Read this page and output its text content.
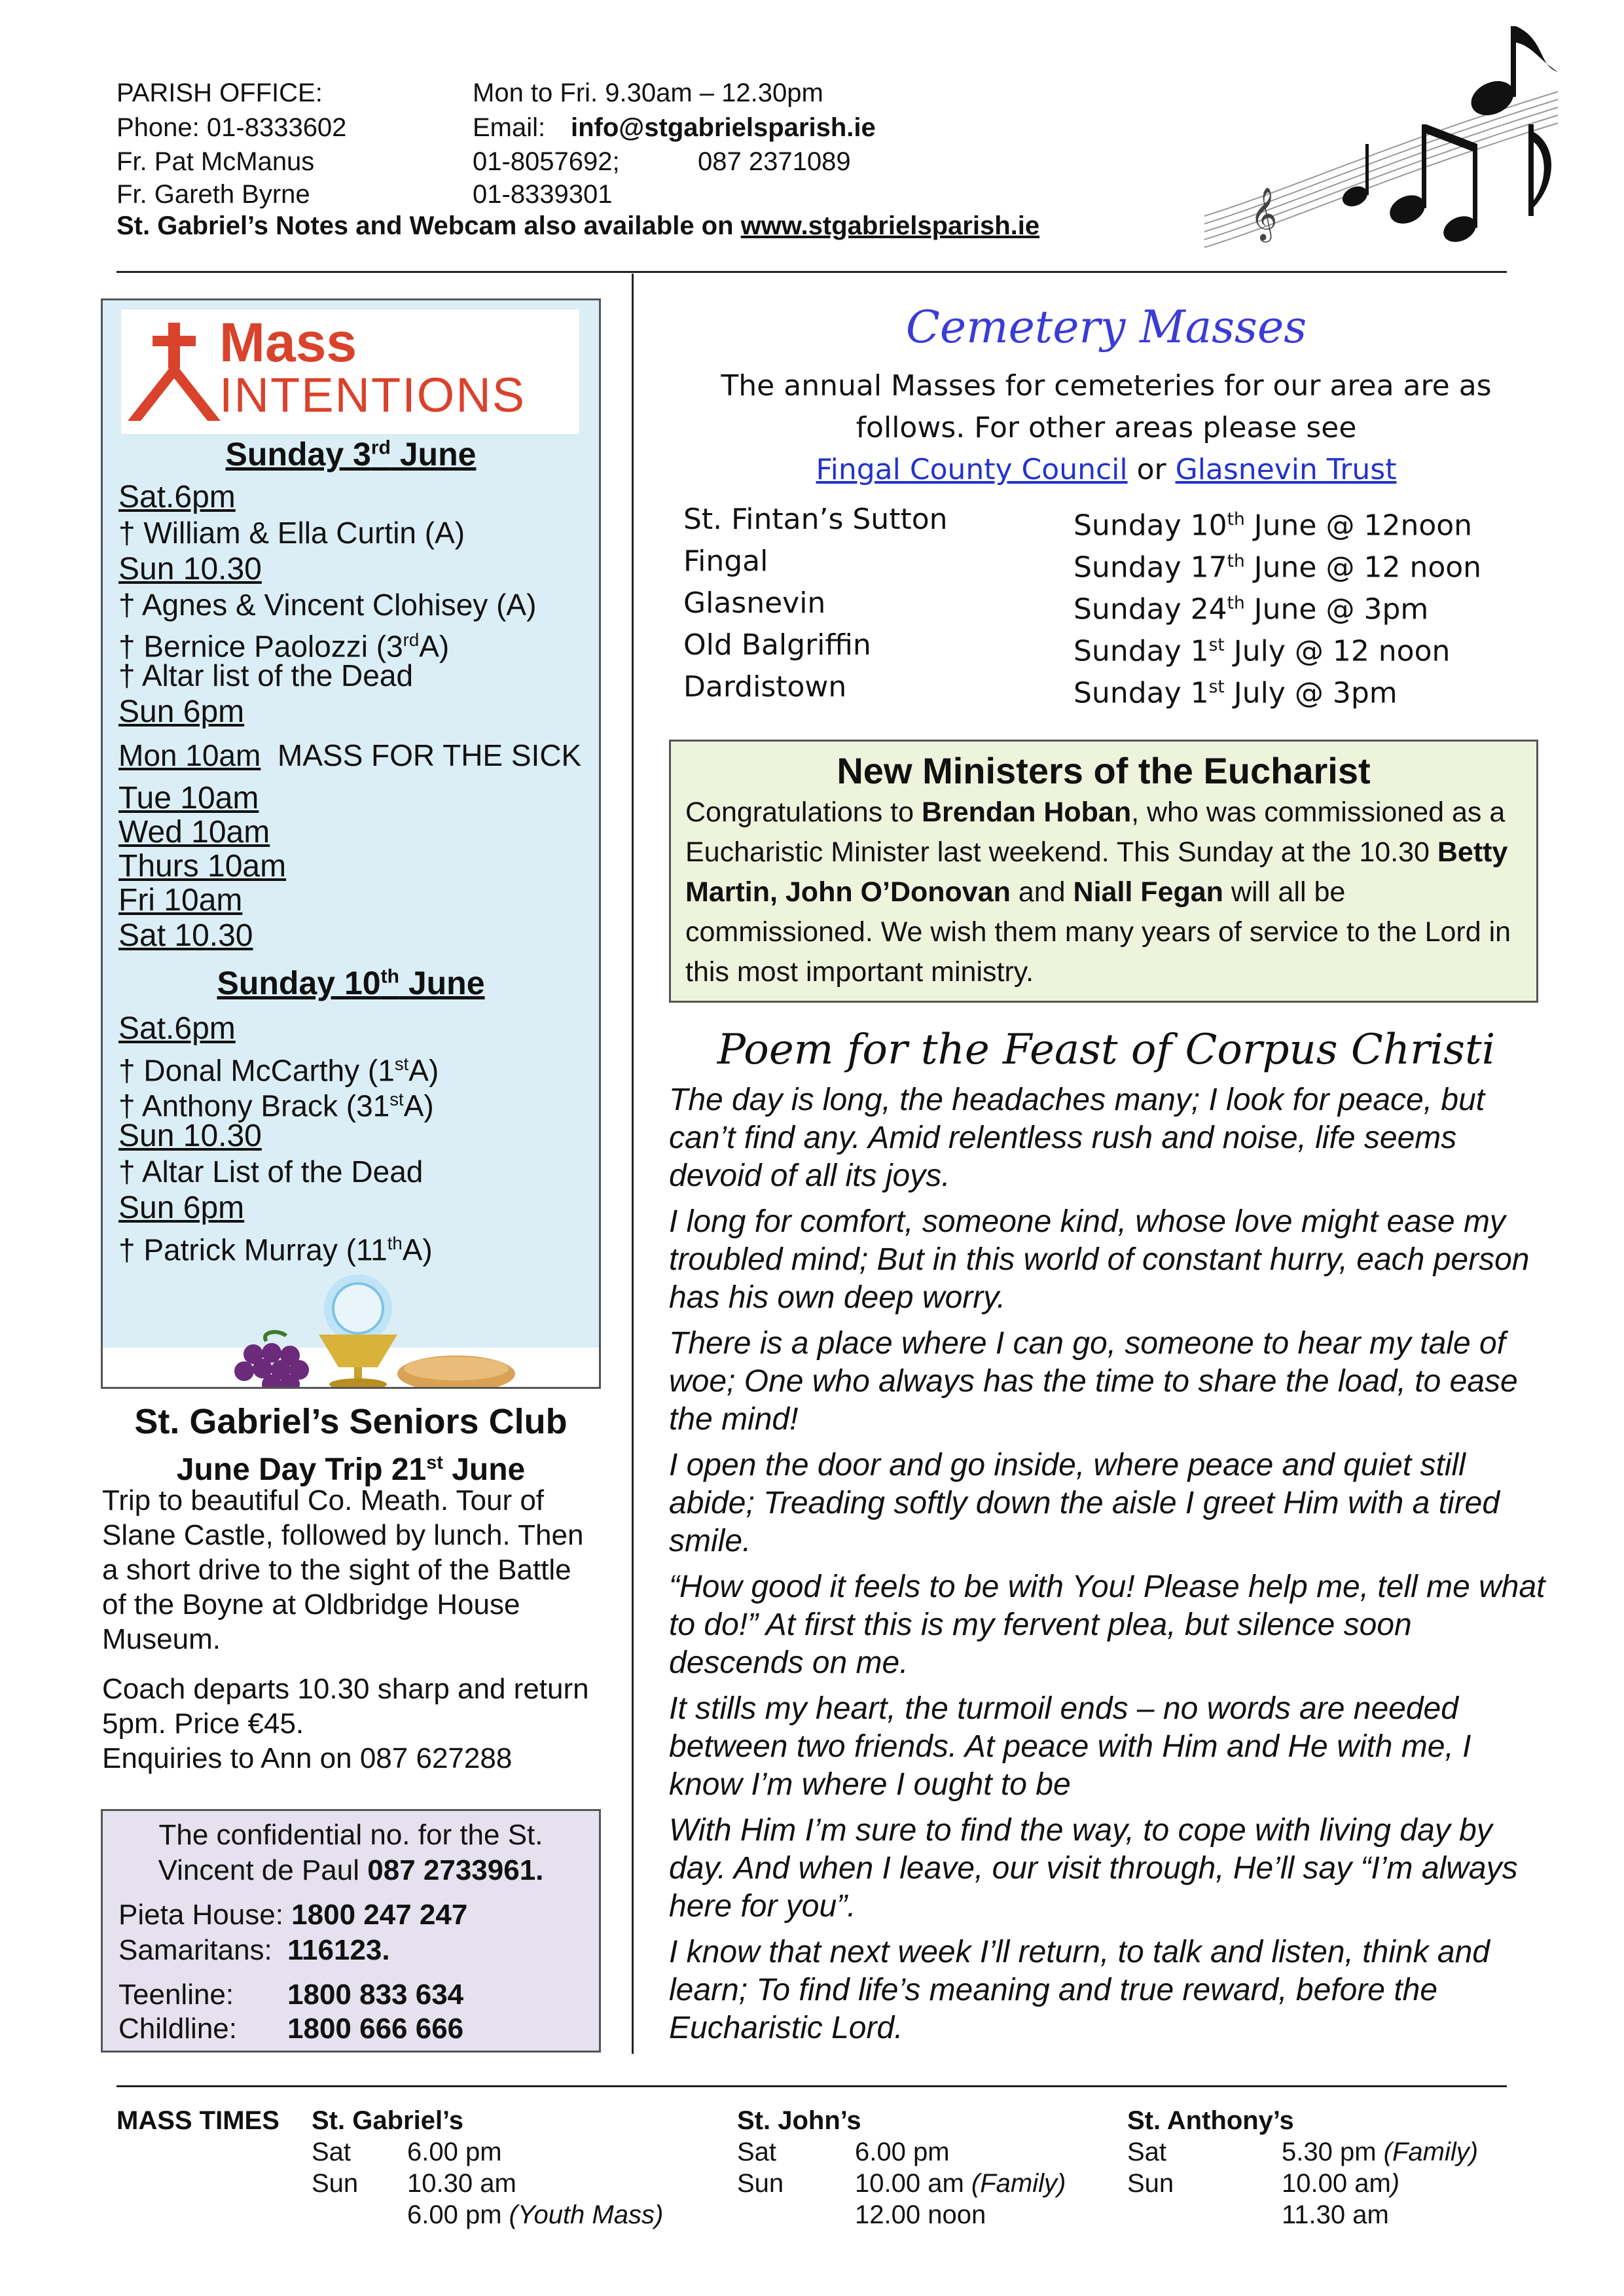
PARISH OFFICE:	Mon to Fri. 9.30am – 12.30pm
Phone: 01-8333602	Email: info@stgabrielsparish.ie
Fr. Pat McManus	01-8057692;	087 2371089
Fr. Gareth Byrne	01-8339301
St. Gabriel’s Notes and Webcam also available on www.stgabrielsparish.ie	𝄞
Mass
INTENTIONS
Sunday 3rd June
Sat.6pm
† William & Ella Curtin (A)
Sun 10.30
† Agnes & Vincent Clohisey (A)
† Bernice Paolozzi (3rdA)
† Altar list of the Dead
Sun 6pm
Mon 10am MASS FOR THE SICK
Tue 10am
Wed 10am
Thurs 10am
Fri 10am
Sat 10.30
Sunday 10th June
Sat.6pm
† Donal McCarthy (1stA)
† Anthony Brack (31stA)
Sun 10.30
† Altar List of the Dead
Sun 6pm
† Patrick Murray (11thA)
St. Gabriel’s Seniors Club
June Day Trip 21st June
Trip to beautiful Co. Meath. Tour of Slane Castle, followed by lunch. Then a short drive to the sight of the Battle of the Boyne at Oldbridge House Museum.
Coach departs 10.30 sharp and return 5pm. Price €45.
Enquiries to Ann on 087 627288
The confidential no. for the St.
Vincent de Paul 087 2733961.
Pieta House: 1800 247 247
Samaritans: 116123.
Teenline: 1800 833 634
Childline: 1800 666 666
Cemetery Masses
The annual Masses for cemeteries for our area are as
follows. For other areas please see
Fingal County Council or Glasnevin Trust
St. Fintan’s Sutton	Sunday 10th June @ 12noon
Fingal	Sunday 17th June @ 12 noon
Glasnevin	Sunday 24th June @ 3pm
Old Balgriffin	Sunday 1st July @ 12 noon
Dardistown	Sunday 1st July @ 3pm
New Ministers of the Eucharist
Congratulations to Brendan Hoban, who was commissioned as a Eucharistic Minister last weekend. This Sunday at the 10.30 Betty Martin, John O’Donovan and Niall Fegan will all be commissioned. We wish them many years of service to the Lord in this most important ministry.
Poem for the Feast of Corpus Christi
The day is long, the headaches many; I look for peace, but can’t find any. Amid relentless rush and noise, life seems devoid of all its joys.
I long for comfort, someone kind, whose love might ease my troubled mind; But in this world of constant hurry, each person has his own deep worry.
There is a place where I can go, someone to hear my tale of woe; One who always has the time to share the load, to ease the mind!
I open the door and go inside, where peace and quiet still abide; Treading softly down the aisle I greet Him with a tired smile.
“How good it feels to be with You! Please help me, tell me what to do!” At first this is my fervent plea, but silence soon descends on me.
It stills my heart, the turmoil ends – no words are needed between two friends. At peace with Him and He with me, I know I’m where I ought to be
With Him I’m sure to find the way, to cope with living day by day. And when I leave, our visit through, He’ll say “I’m always here for you”.
I know that next week I’ll return, to talk and listen, think and learn; To find life’s meaning and true reward, before the Eucharistic Lord.
MASS TIMES St. Gabriel’s
Sat 6.00 pm
Sun 10.30 am
6.00 pm (Youth Mass)
St. John’s
Sat	6.00 pm
Sun	10.00 am (Family)
12.00 noon
St. Anthony’s
Sat	5.30 pm (Family)
Sun	10.00 am)
11.30 am
